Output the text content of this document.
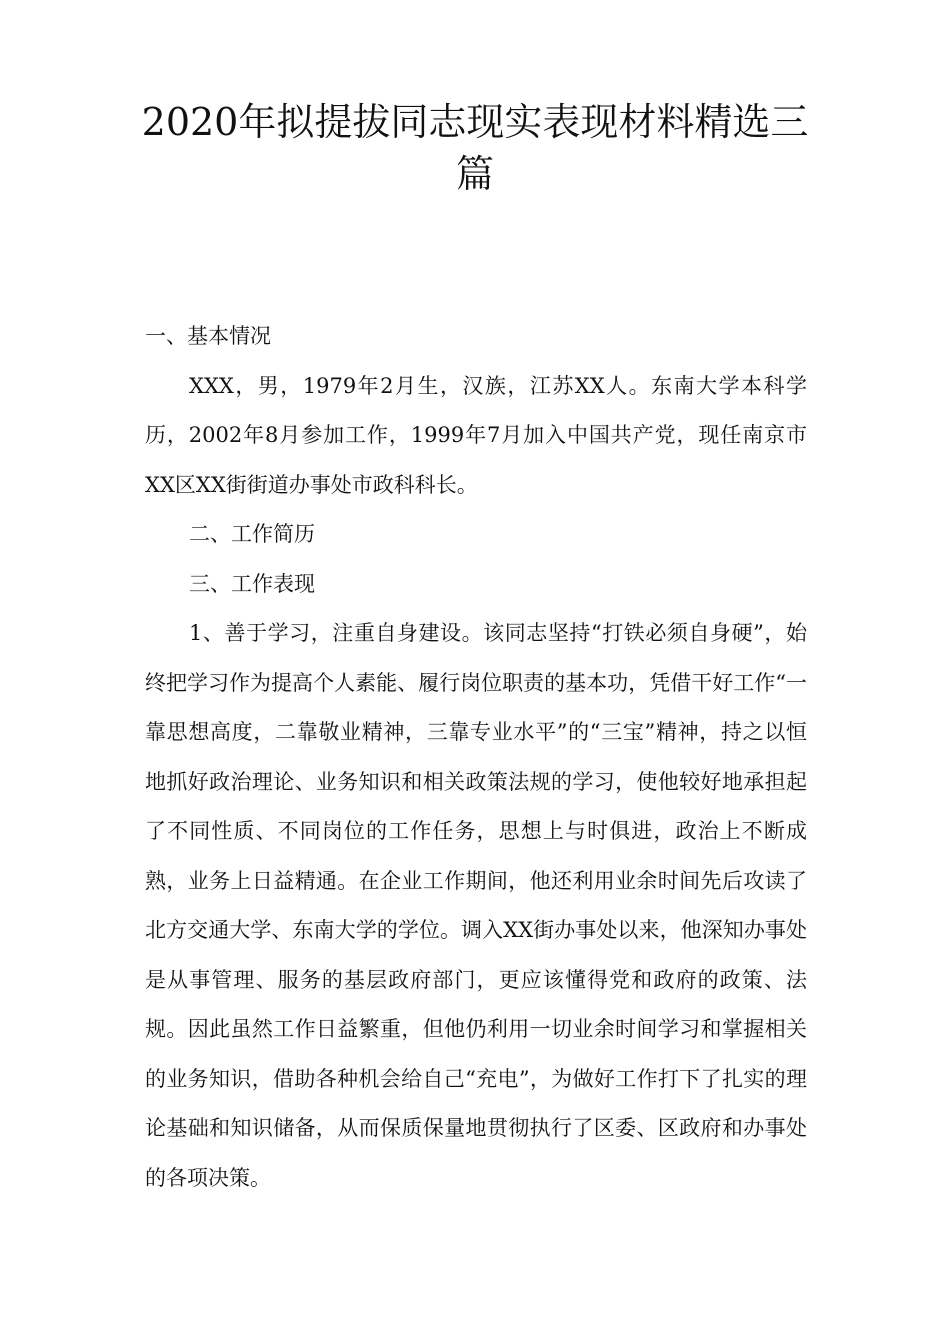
2020年拟提拔同志现实表现材料精选三篇

一、基本情况

XXX，男，1979年2月生，汉族，江苏XX人。东南大学本科学历，2002年8月参加工作，1999年7月加入中国共产党，现任南京市XX区XX街街道办事处市政科科长。

二、工作简历

三、工作表现

1、善于学习，注重自身建设。该同志坚持“打铁必须自身硬”，始终把学习作为提高个人素能、履行岗位职责的基本功，凭借干好工作“一靠思想高度，二靠敬业精神，三靠专业水平”的“三宝”精神，持之以恒地抓好政治理论、业务知识和相关政策法规的学习，使他较好地承担起了不同性质、不同岗位的工作任务，思想上与时俱进，政治上不断成熟，业务上日益精通。在企业工作期间，他还利用业余时间先后攻读了北方交通大学、东南大学的学位。调入XX街办事处以来，他深知办事处是从事管理、服务的基层政府部门，更应该懂得党和政府的政策、法规。因此虽然工作日益繁重，但他仍利用一切业余时间学习和掌握相关的业务知识，借助各种机会给自己“充电”，为做好工作打下了扎实的理论基础和知识储备，从而保质保量地贯彻执行了区委、区政府和办事处的各项决策。
